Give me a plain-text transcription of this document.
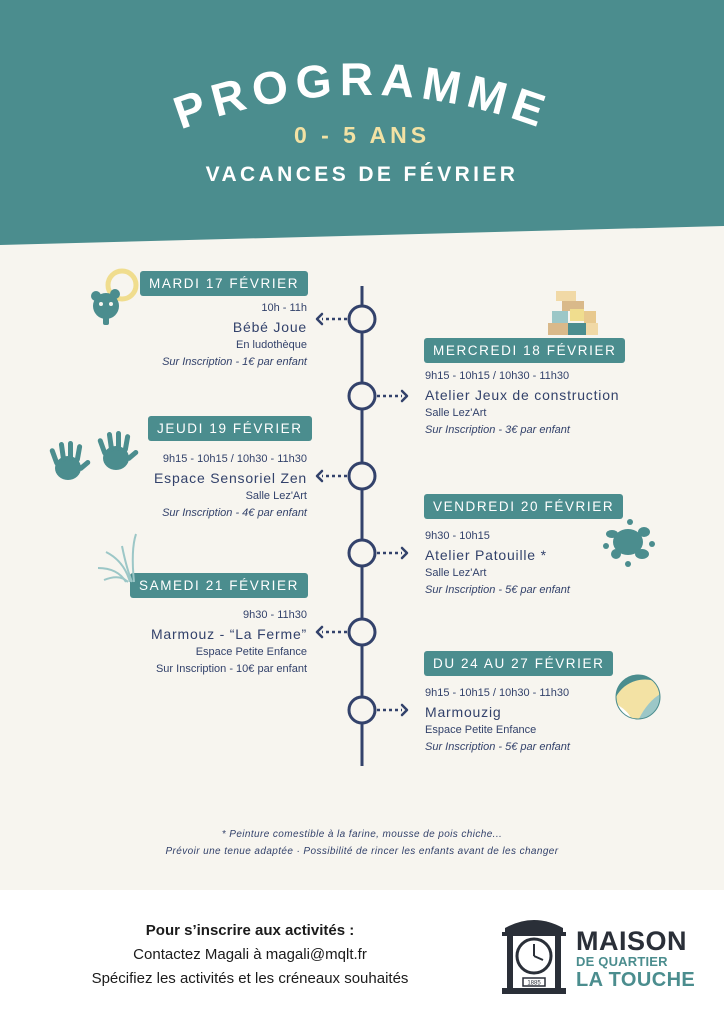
PROGRAMME
0 - 5 ANS
VACANCES DE FÉVRIER
MARDI 17 FÉVRIER
10h - 11h
Bébé Joue
En ludothèque
Sur Inscription - 1€ par enfant
MERCREDI 18 FÉVRIER
9h15 - 10h15 / 10h30 - 11h30
Atelier Jeux de construction
Salle Lez'Art
Sur Inscription - 3€ par enfant
JEUDI 19 FÉVRIER
9h15 - 10h15 / 10h30 - 11h30
Espace Sensoriel Zen
Salle Lez'Art
Sur Inscription - 4€ par enfant	VENDREDI 20 FÉVRIER
9h30 - 10h15
Atelier Patouille *
Salle Lez'Art
Sur Inscription - 5€ par enfant
SAMEDI 21 FÉVRIER
9h30 - 11h30
Marmouz - “La Ferme”
Espace Petite Enfance
Sur Inscription - 10€ par enfant	DU 24 AU 27 FÉVRIER
9h15 - 10h15 / 10h30 - 11h30
Marmouzig
Espace Petite Enfance
Sur Inscription - 5€ par enfant
* Peinture comestible à la farine, mousse de pois chiche...
Prévoir une tenue adaptée · Possibilité de rincer les enfants avant de les changer
Pour s’inscrire aux activités :
Contactez Magali à magali@mqlt.fr
Spécifiez les activités et les créneaux souhaités	1885
MAISON
DE QUARTIER
LA TOUCHE
